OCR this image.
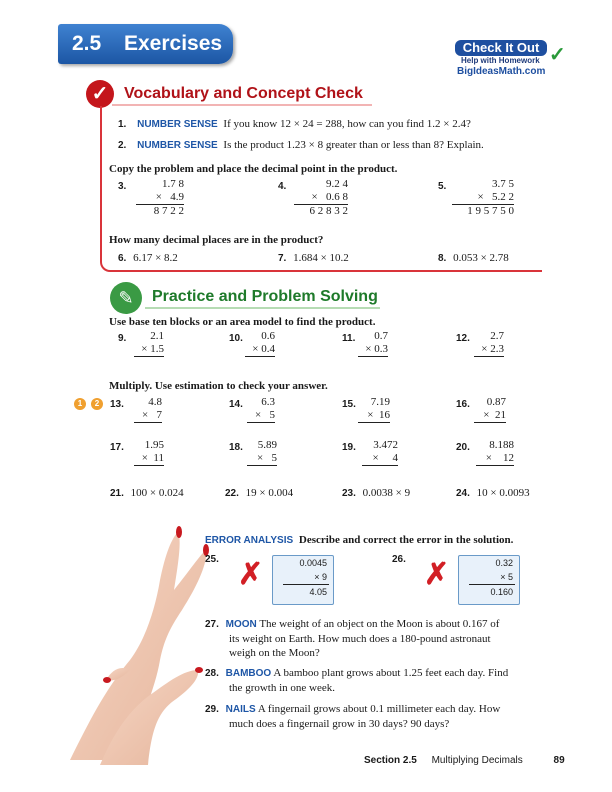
2.5 Exercises	Check It Out
Help with Homework
BigIdeasMath.com
✓
✓ Vocabulary and Concept Check
1. NUMBER SENSE If you know 12 × 24 = 288, how can you find 1.2 × 2.4?
2. NUMBER SENSE Is the product 1.23 × 8 greater than or less than 8? Explain.
Copy the problem and place the decimal point in the product.
3.	1.7 8
×   4.9
8 7 2 2
4.	9.2 4
×   0.6 8
6 2 8 3 2
5.	3.7 5
×   5.2 2
1 9 5 7 5 0
How many decimal places are in the product?
6. 6.17 × 8.2	7. 1.684 × 10.2	8. 0.053 × 2.78
✎	Practice and Problem Solving
Use base ten blocks or an area model to find the product.
9.	2.1
× 1.5
10.	0.6
× 0.4
11.	0.7
× 0.3
12.	2.7
× 2.3
Multiply. Use estimation to check your answer.
1	2	13.	4.8
×   7
14.	6.3
×   5
15.	7.19
×  16
16.	0.87
×  21
17.	1.95
×  11
18.	5.89
×   5
19.	3.472
×     4
20.	8.188
×    12
21. 100 × 0.024	22. 19 × 0.004	23. 0.0038 × 9	24. 10 × 0.0093
ERROR ANALYSIS Describe and correct the error in the solution.
25. ✗	0.0045
× 9
4.05
26. ✗	0.32
× 5
0.160
27. MOON The weight of an object on the Moon is about 0.167 of
its weight on Earth. How much does a 180-pound astronaut
weigh on the Moon?
28. BAMBOO A bamboo plant grows about 1.25 feet each day. Find
the growth in one week.
29. NAILS A fingernail grows about 0.1 millimeter each day. How
much does a fingernail grow in 30 days? 90 days?
Section 2.5 Multiplying Decimals	89
